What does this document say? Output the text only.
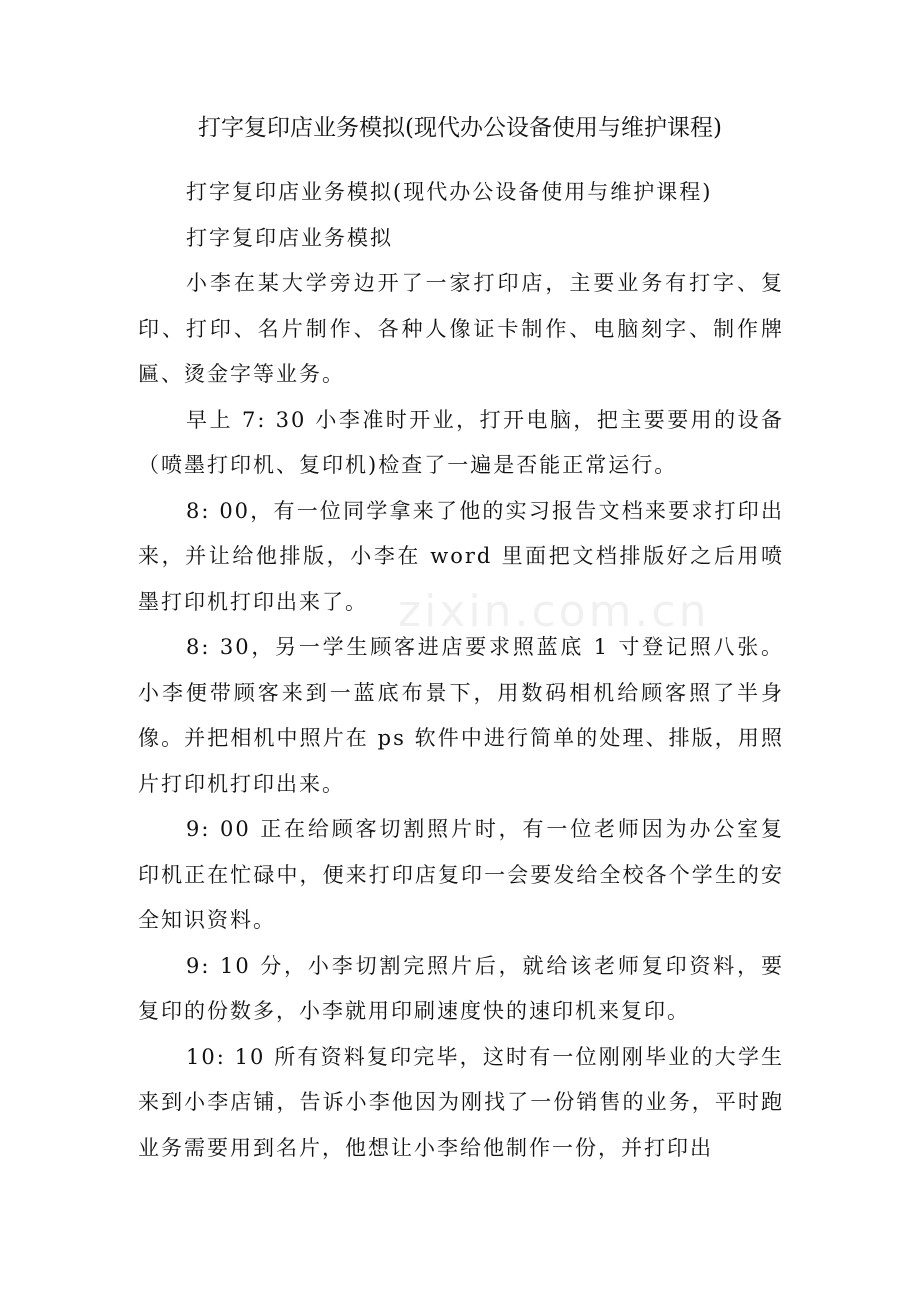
打字复印店业务模拟(现代办公设备使用与维护课程)

打字复印店业务模拟(现代办公设备使用与维护课程)

打字复印店业务模拟

小李在某大学旁边开了一家打印店，主要业务有打字、复印、打印、名片制作、各种人像证卡制作、电脑刻字、制作牌匾、烫金字等业务。

早上 7: 30 小李准时开业，打开电脑，把主要要用的设备（喷墨打印机、复印机)检查了一遍是否能正常运行。

8: 00，有一位同学拿来了他的实习报告文档来要求打印出来，并让给他排版，小李在 word 里面把文档排版好之后用喷墨打印机打印出来了。

8: 30，另一学生顾客进店要求照蓝底 1 寸登记照八张。小李便带顾客来到一蓝底布景下，用数码相机给顾客照了半身像。并把相机中照片在 ps 软件中进行简单的处理、排版，用照片打印机打印出来。

9: 00 正在给顾客切割照片时，有一位老师因为办公室复印机正在忙碌中，便来打印店复印一会要发给全校各个学生的安全知识资料。

9: 10 分，小李切割完照片后，就给该老师复印资料，要复印的份数多，小李就用印刷速度快的速印机来复印。

10: 10 所有资料复印完毕，这时有一位刚刚毕业的大学生来到小李店铺，告诉小李他因为刚找了一份销售的业务，平时跑业务需要用到名片，他想让小李给他制作一份，并打印出

zixin.com.cn
